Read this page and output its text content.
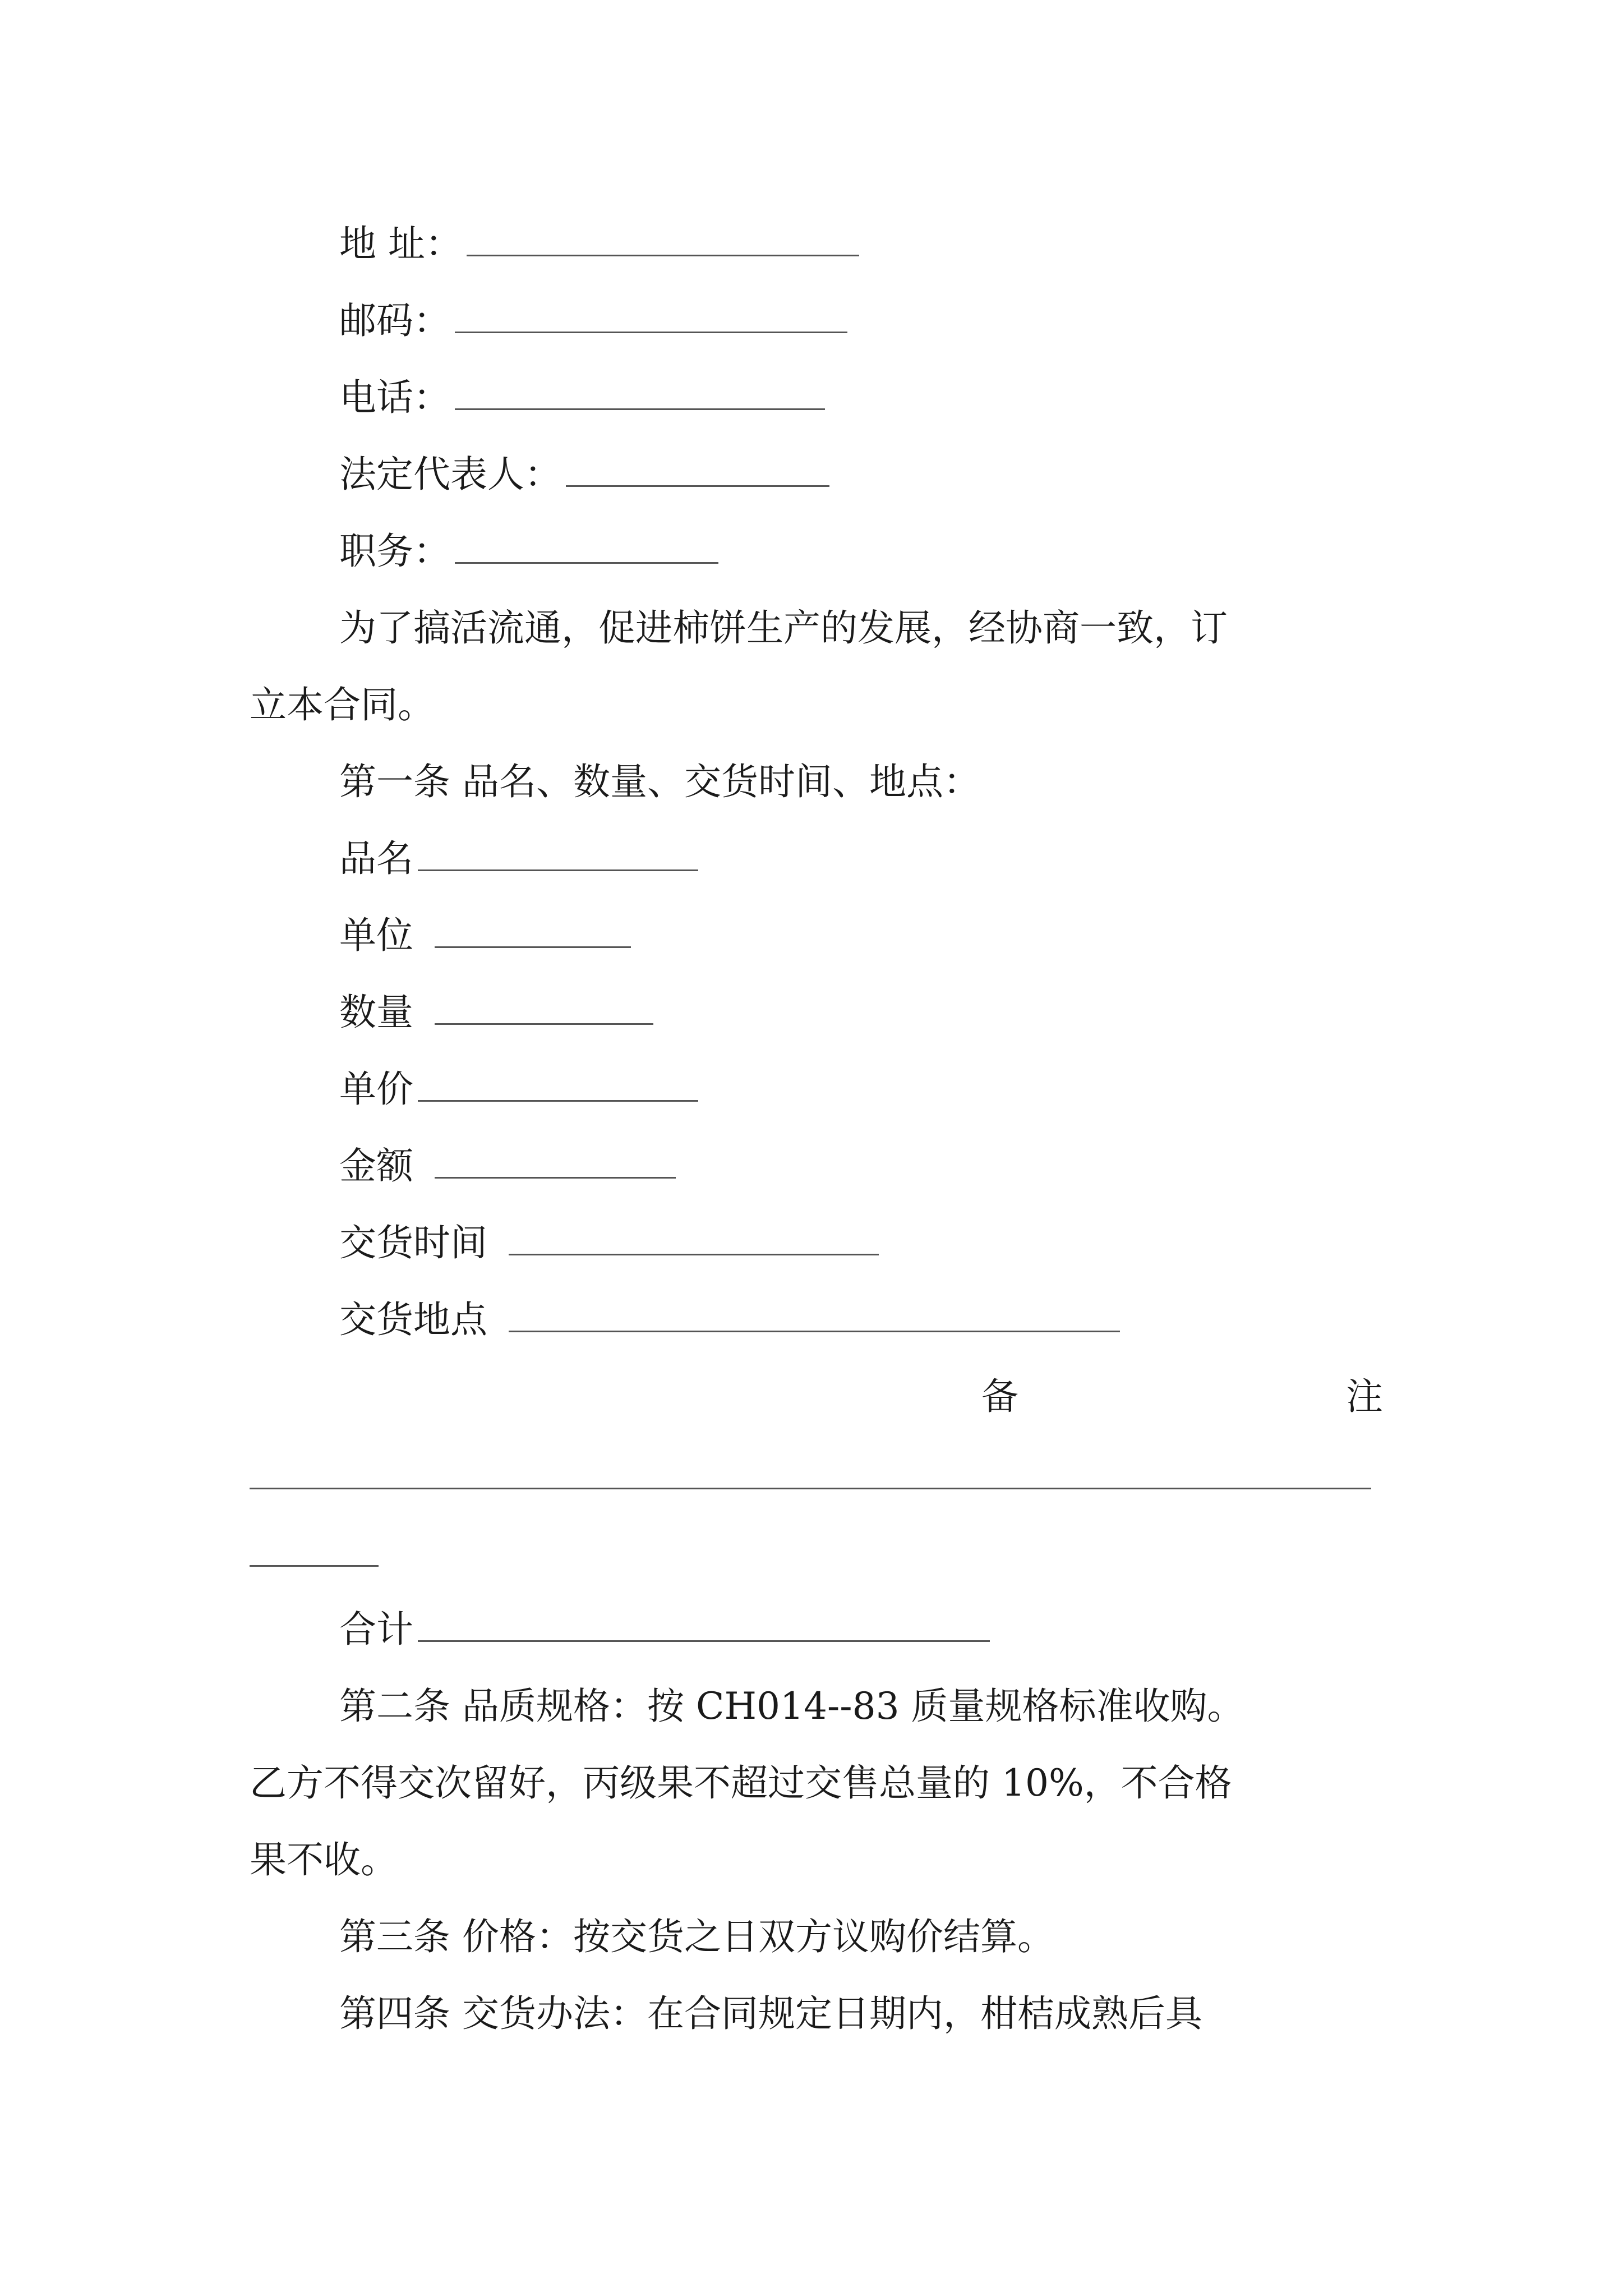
地 址：
邮码：
电话：
法定代表人：
职务：
为了搞活流通，促进柿饼生产的发展，经协商一致，订
立本合同。
第一条 品名、数量、交货时间、地点：
品名
单位
数量
单价
金额
交货时间
交货地点
备	注
合计
第二条 品质规格：按 CH014--83 质量规格标准收购。
乙方不得交次留好，丙级果不超过交售总量的 10%，不合格
果不收。
第三条 价格：按交货之日双方议购价结算。
第四条 交货办法：在合同规定日期内，柑桔成熟后具
